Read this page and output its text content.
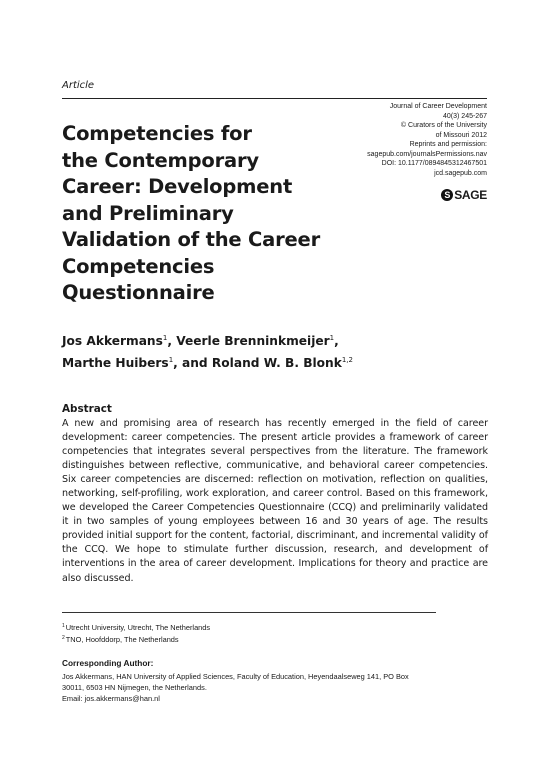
Article
Journal of Career Development
40(3) 245-267
© Curators of the University
of Missouri 2012
Reprints and permission:
sagepub.com/journalsPermissions.nav
DOI: 10.1177/0894845312467501
jcd.sagepub.com
S SAGE
Competencies for
the Contemporary
Career: Development
and Preliminary
Validation of the Career
Competencies
Questionnaire
Jos Akkermans$^1$, Veerle Brenninkmeijer$^1$,
Marthe Huibers$^1$, and Roland W. B. Blonk$^{1,2}$
Abstract
A new and promising area of research has recently emerged in the field of career development: career competencies. The present article provides a framework of career competencies that integrates several perspectives from the literature. The framework distinguishes between reflective, communicative, and behavioral career competencies. Six career competencies are discerned: reflection on motivation, reflection on qualities, networking, self-profiling, work exploration, and career control. Based on this framework, we developed the Career Competencies Questionnaire (CCQ) and preliminarily validated it in two samples of young employees between 16 and 30 years of age. The results provided initial support for the content, factorial, discriminant, and incremental validity of the CCQ. We hope to stimulate further discussion, research, and development of interventions in the area of career development. Implications for theory and practice are also discussed.
$^1$Utrecht University, Utrecht, The Netherlands
$^2$TNO, Hoofddorp, The Netherlands
Corresponding Author:
Jos Akkermans, HAN University of Applied Sciences, Faculty of Education, Heyendaalseweg 141, PO Box
30011, 6503 HN Nijmegen, the Netherlands.
Email: jos.akkermans@han.nl
